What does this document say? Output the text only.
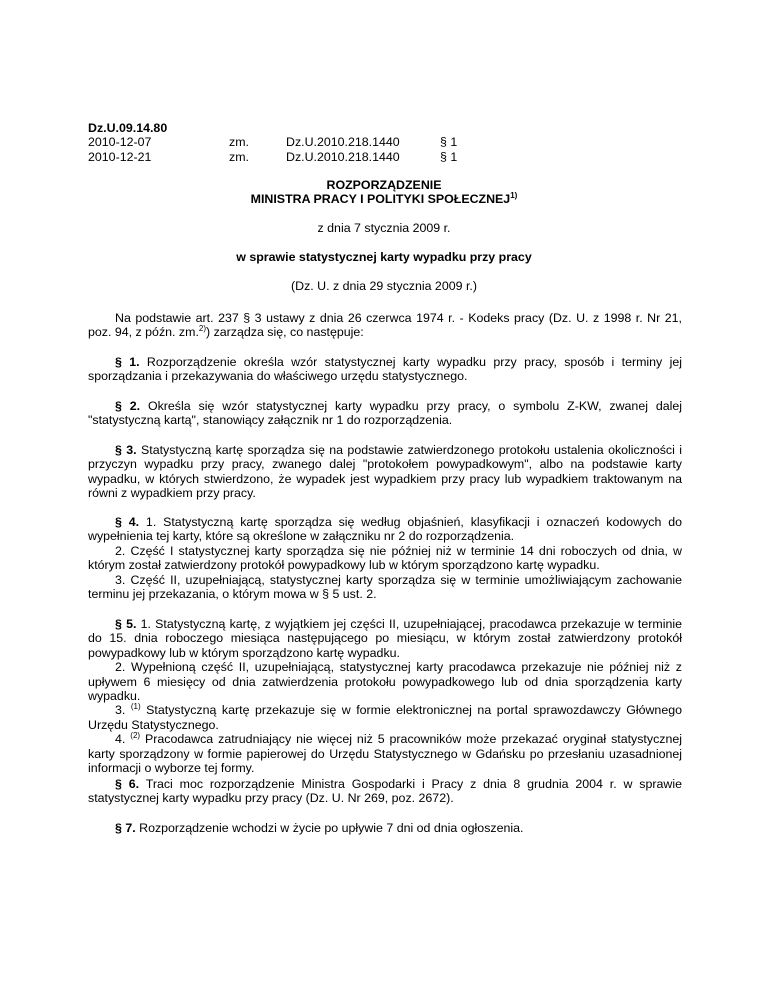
Dz.U.09.14.80
2010-12-07	zm.	Dz.U.2010.218.1440	§ 1
2010-12-21	zm.	Dz.U.2010.218.1440	§ 1
ROZPORZĄDZENIE
MINISTRA PRACY I POLITYKI SPOŁECZNEJ$^{1)}$
z dnia 7 stycznia 2009 r.
w sprawie statystycznej karty wypadku przy pracy
(Dz. U. z dnia 29 stycznia 2009 r.)

Na podstawie art. 237 § 3 ustawy z dnia 26 czerwca 1974 r. - Kodeks pracy (Dz. U. z 1998 r. Nr 21, poz. 94, z późn. zm.$^{2)}$) zarządza się, co następuje:

§ 1. Rozporządzenie określa wzór statystycznej karty wypadku przy pracy, sposób i terminy jej sporządzania i przekazywania do właściwego urzędu statystycznego.

§ 2. Określa się wzór statystycznej karty wypadku przy pracy, o symbolu Z-KW, zwanej dalej "statystyczną kartą", stanowiący załącznik nr 1 do rozporządzenia.

§ 3. Statystyczną kartę sporządza się na podstawie zatwierdzonego protokołu ustalenia okoliczności i przyczyn wypadku przy pracy, zwanego dalej "protokołem powypadkowym", albo na podstawie karty wypadku, w których stwierdzono, że wypadek jest wypadkiem przy pracy lub wypadkiem traktowanym na równi z wypadkiem przy pracy.

§ 4. 1. Statystyczną kartę sporządza się według objaśnień, klasyfikacji i oznaczeń kodowych do wypełnienia tej karty, które są określone w załączniku nr 2 do rozporządzenia.

2. Część I statystycznej karty sporządza się nie później niż w terminie 14 dni roboczych od dnia, w którym został zatwierdzony protokół powypadkowy lub w którym sporządzono kartę wypadku.

3. Część II, uzupełniającą, statystycznej karty sporządza się w terminie umożliwiającym zachowanie terminu jej przekazania, o którym mowa w § 5 ust. 2.

§ 5. 1. Statystyczną kartę, z wyjątkiem jej części II, uzupełniającej, pracodawca przekazuje w terminie do 15. dnia roboczego miesiąca następującego po miesiącu, w którym został zatwierdzony protokół powypadkowy lub w którym sporządzono kartę wypadku.

2. Wypełnioną część II, uzupełniającą, statystycznej karty pracodawca przekazuje nie później niż z upływem 6 miesięcy od dnia zatwierdzenia protokołu powypadkowego lub od dnia sporządzenia karty wypadku.

3. $^{(1)}$ Statystyczną kartę przekazuje się w formie elektronicznej na portal sprawozdawczy Głównego Urzędu Statystycznego.

4. $^{(2)}$ Pracodawca zatrudniający nie więcej niż 5 pracowników może przekazać oryginał statystycznej karty sporządzony w formie papierowej do Urzędu Statystycznego w Gdańsku po przesłaniu uzasadnionej informacji o wyborze tej formy.

§ 6. Traci moc rozporządzenie Ministra Gospodarki i Pracy z dnia 8 grudnia 2004 r. w sprawie statystycznej karty wypadku przy pracy (Dz. U. Nr 269, poz. 2672).

§ 7. Rozporządzenie wchodzi w życie po upływie 7 dni od dnia ogłoszenia.
